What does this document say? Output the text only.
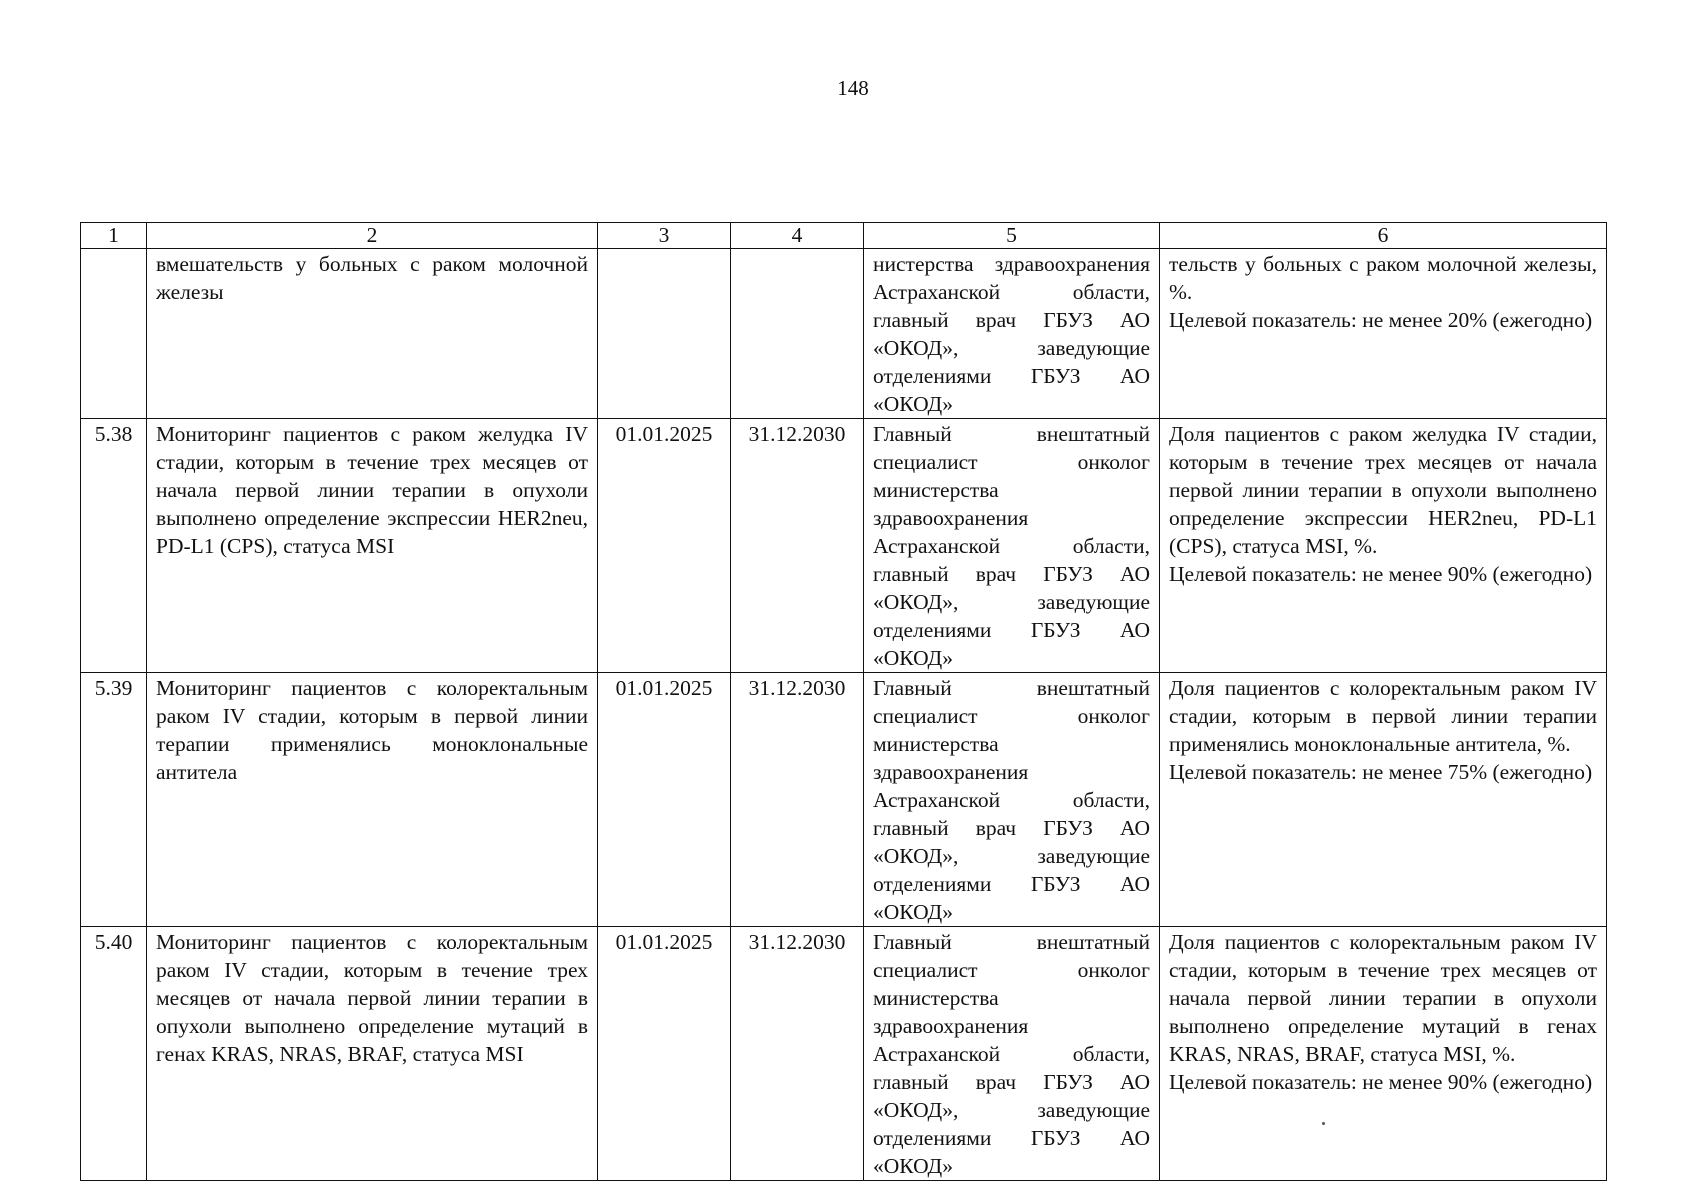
148
1	2	3	4	5	6
	вмешательств у больных с раком молочной железы			нистерства здравоохранения Астраханской области, главный врач ГБУЗ АО «ОКОД», заведующие отделениями ГБУЗ АО «ОКОД»	тельств у больных с раком молочной железы, %.
Целевой показатель: не менее 20% (ежегодно)

5.38	Мониторинг пациентов с раком желудка IV стадии, которым в течение трех месяцев от начала первой линии терапии в опухоли выполнено определение экспрессии HER2neu, PD-L1 (CPS), статуса MSI	01.01.2025	31.12.2030	Главный внештатный специалист онколог министерства здравоохранения Астраханской области, главный врач ГБУЗ АО «ОКОД», заведующие отделениями ГБУЗ АО «ОКОД»	Доля пациентов с раком желудка IV стадии, которым в течение трех месяцев от начала первой линии терапии в опухоли выполнено определение экспрессии HER2neu, PD-L1 (CPS), статуса MSI, %.
Целевой показатель: не менее 90% (ежегодно)

5.39	Мониторинг пациентов с колоректальным раком IV стадии, которым в первой линии терапии применялись моноклональные антитела	01.01.2025	31.12.2030	Главный внештатный специалист онколог министерства здравоохранения Астраханской области, главный врач ГБУЗ АО «ОКОД», заведующие отделениями ГБУЗ АО «ОКОД»	Доля пациентов с колоректальным раком IV стадии, которым в первой линии терапии применялись моноклональные антитела, %.
Целевой показатель: не менее 75% (ежегодно)

5.40	Мониторинг пациентов с колоректальным раком IV стадии, которым в течение трех месяцев от начала первой линии терапии в опухоли выполнено определение мутаций в генах KRAS, NRAS, BRAF, статуса MSI	01.01.2025	31.12.2030	Главный внештатный специалист онколог министерства здравоохранения Астраханской области, главный врач ГБУЗ АО «ОКОД», заведующие отделениями ГБУЗ АО «ОКОД»	Доля пациентов с колоректальным раком IV стадии, которым в течение трех месяцев от начала первой линии терапии в опухоли выполнено определение мутаций в генах KRAS, NRAS, BRAF, статуса MSI, %.
Целевой показатель: не менее 90% (ежегодно)
